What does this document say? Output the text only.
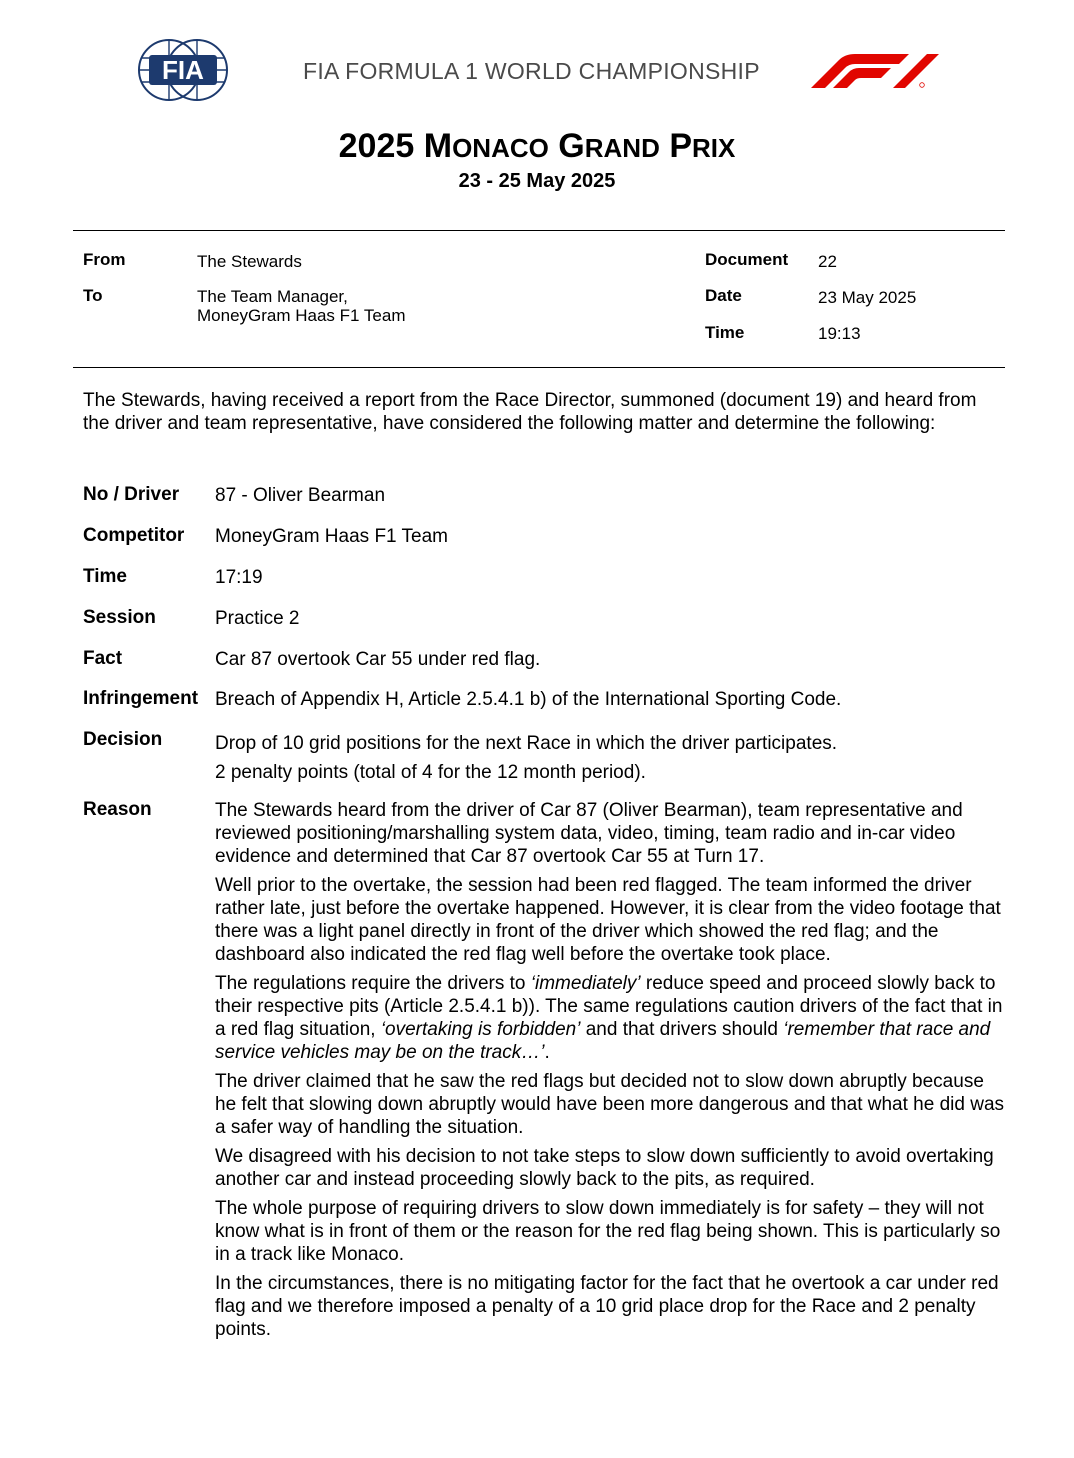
FIA	FIA FORMULA 1 WORLD CHAMPIONSHIP
2025 MONACO GRAND PRIX
23 - 25 May 2025
From	The Stewards
To	The Team Manager,
MoneyGram Haas F1 Team
Document 22
Date	23 May 2025
Time	19:13
The Stewards, having received a report from the Race Director, summoned (document 19) and heard from the driver and team representative, have considered the following matter and determine the following:
No / Driver 87 - Oliver Bearman
Competitor MoneyGram Haas F1 Team
Time	17:19
Session	Practice 2
Fact	Car 87 overtook Car 55 under red flag.
Infringement Breach of Appendix H, Article 2.5.4.1 b) of the International Sporting Code.
Decision	Drop of 10 grid positions for the next Race in which the driver participates.
2 penalty points (total of 4 for the 12 month period).
Reason	The Stewards heard from the driver of Car 87 (Oliver Bearman), team representative and reviewed positioning/marshalling system data, video, timing, team radio and in-car video evidence and determined that Car 87 overtook Car 55 at Turn 17.

Well prior to the overtake, the session had been red flagged. The team informed the driver rather late, just before the overtake happened. However, it is clear from the video footage that there was a light panel directly in front of the driver which showed the red flag; and the dashboard also indicated the red flag well before the overtake took place.

The regulations require the drivers to ‘immediately’ reduce speed and proceed slowly back to their respective pits (Article 2.5.4.1 b)). The same regulations caution drivers of the fact that in a red flag situation, ‘overtaking is forbidden’ and that drivers should ‘remember that race and service vehicles may be on the track…’.

The driver claimed that he saw the red flags but decided not to slow down abruptly because he felt that slowing down abruptly would have been more dangerous and that what he did was a safer way of handling the situation.

We disagreed with his decision to not take steps to slow down sufficiently to avoid overtaking another car and instead proceeding slowly back to the pits, as required.

The whole purpose of requiring drivers to slow down immediately is for safety – they will not know what is in front of them or the reason for the red flag being shown. This is particularly so in a track like Monaco.

In the circumstances, there is no mitigating factor for the fact that he overtook a car under red flag and we therefore imposed a penalty of a 10 grid place drop for the Race and 2 penalty points.
